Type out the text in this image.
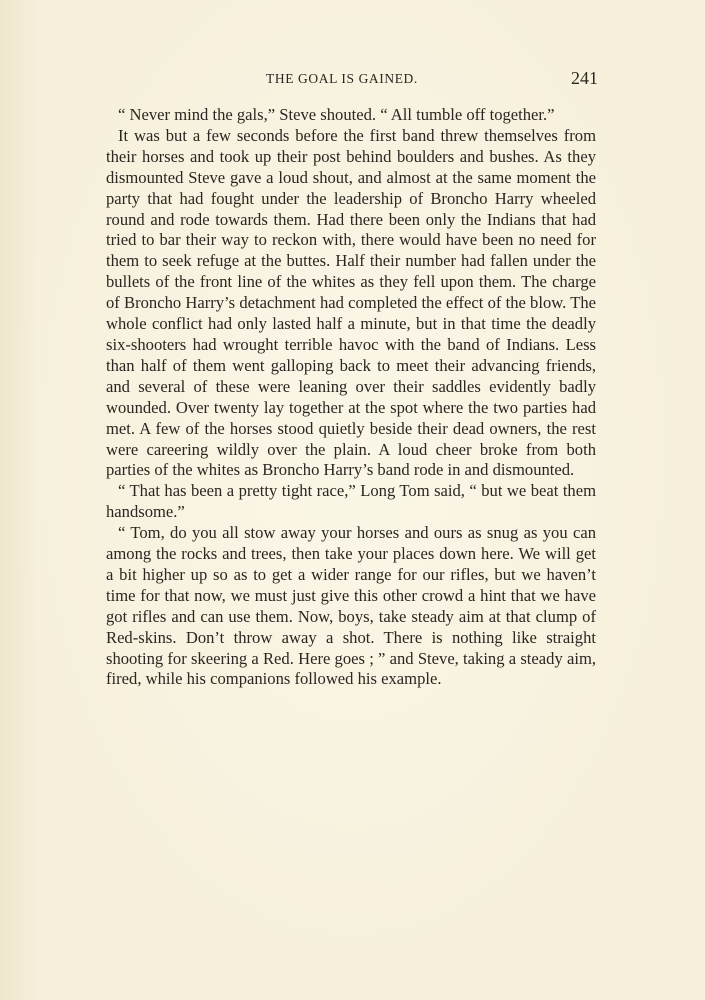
THE GOAL IS GAINED.	241

“ Never mind the gals,” Steve shouted. “ All tumble off together.”

It was but a few seconds before the first band threw themselves from their horses and took up their post behind boulders and bushes. As they dismounted Steve gave a loud shout, and almost at the same moment the party that had fought under the leadership of Broncho Harry wheeled round and rode towards them. Had there been only the Indians that had tried to bar their way to reckon with, there would have been no need for them to seek refuge at the buttes. Half their number had fallen under the bullets of the front line of the whites as they fell upon them. The charge of Broncho Harry’s detachment had completed the effect of the blow. The whole conflict had only lasted half a minute, but in that time the deadly six-shooters had wrought terrible havoc with the band of Indians. Less than half of them went galloping back to meet their advancing friends, and several of these were leaning over their saddles evidently badly wounded. Over twenty lay together at the spot where the two parties had met. A few of the horses stood quietly beside their dead owners, the rest were careering wildly over the plain. A loud cheer broke from both parties of the whites as Broncho Harry’s band rode in and dismounted.

“ That has been a pretty tight race,” Long Tom said, “ but we beat them handsome.”

“ Tom, do you all stow away your horses and ours as snug as you can among the rocks and trees, then take your places down here. We will get a bit higher up so as to get a wider range for our rifles, but we haven’t time for that now, we must just give this other crowd a hint that we have got rifles and can use them. Now, boys, take steady aim at that clump of Red-skins. Don’t throw away a shot. There is nothing like straight shooting for skeering a Red. Here goes ; ” and Steve, taking a steady aim, fired, while his companions followed his example.
